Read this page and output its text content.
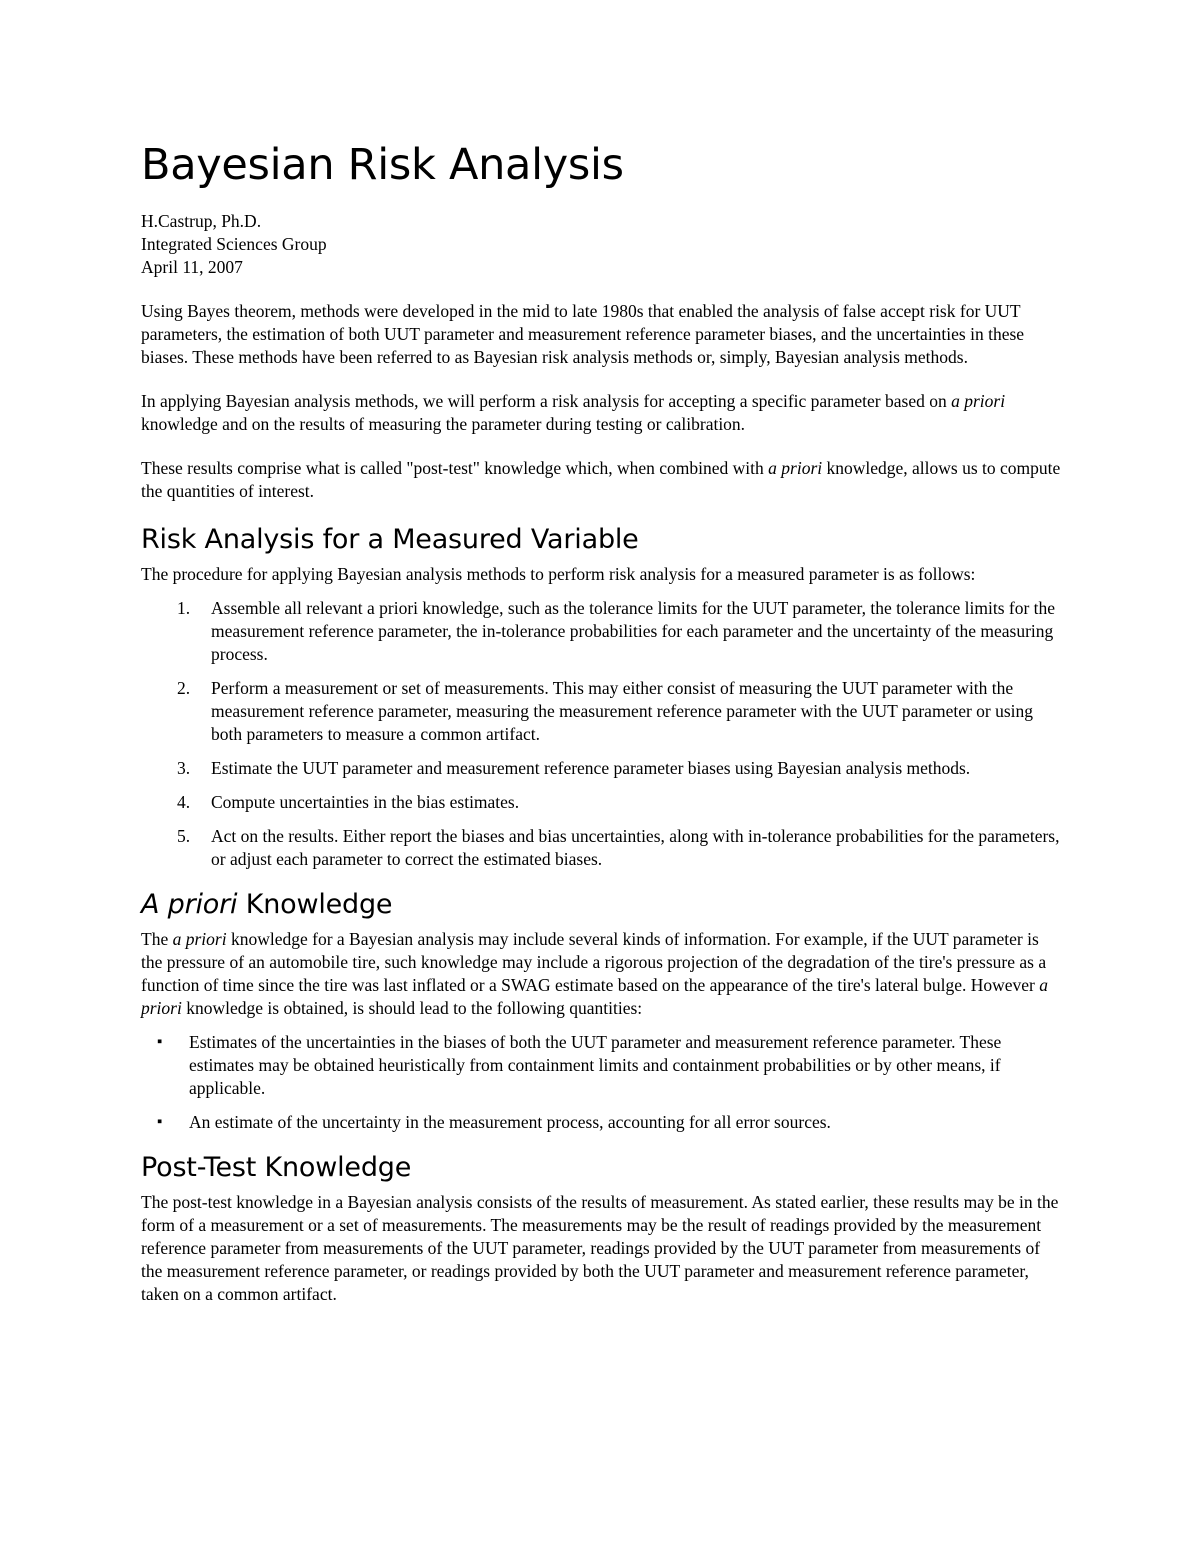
Bayesian Risk Analysis
H.Castrup, Ph.D.
Integrated Sciences Group
April 11, 2007

Using Bayes theorem, methods were developed in the mid to late 1980s that enabled the analysis of false accept risk for UUT parameters, the estimation of both UUT parameter and measurement reference parameter biases, and the uncertainties in these biases. These methods have been referred to as Bayesian risk analysis methods or, simply, Bayesian analysis methods.

In applying Bayesian analysis methods, we will perform a risk analysis for accepting a specific parameter based on a priori knowledge and on the results of measuring the parameter during testing or calibration.

These results comprise what is called "post-test" knowledge which, when combined with a priori knowledge, allows us to compute the quantities of interest.

Risk Analysis for a Measured Variable

The procedure for applying Bayesian analysis methods to perform risk analysis for a measured parameter is as follows:

1. Assemble all relevant a priori knowledge, such as the tolerance limits for the UUT parameter, the tolerance limits for the measurement reference parameter, the in-tolerance probabilities for each parameter and the uncertainty of the measuring process.
2. Perform a measurement or set of measurements. This may either consist of measuring the UUT parameter with the measurement reference parameter, measuring the measurement reference parameter with the UUT parameter or using both parameters to measure a common artifact.
3. Estimate the UUT parameter and measurement reference parameter biases using Bayesian analysis methods.
4. Compute uncertainties in the bias estimates.
5. Act on the results. Either report the biases and bias uncertainties, along with in-tolerance probabilities for the parameters, or adjust each parameter to correct the estimated biases.
A priori Knowledge

The a priori knowledge for a Bayesian analysis may include several kinds of information. For example, if the UUT parameter is the pressure of an automobile tire, such knowledge may include a rigorous projection of the degradation of the tire's pressure as a function of time since the tire was last inflated or a SWAG estimate based on the appearance of the tire's lateral bulge. However a priori knowledge is obtained, is should lead to the following quantities:

▪ Estimates of the uncertainties in the biases of both the UUT parameter and measurement reference parameter. These estimates may be obtained heuristically from containment limits and containment probabilities or by other means, if applicable.
▪ An estimate of the uncertainty in the measurement process, accounting for all error sources.
Post-Test Knowledge

The post-test knowledge in a Bayesian analysis consists of the results of measurement. As stated earlier, these results may be in the form of a measurement or a set of measurements. The measurements may be the result of readings provided by the measurement reference parameter from measurements of the UUT parameter, readings provided by the UUT parameter from measurements of the measurement reference parameter, or readings provided by both the UUT parameter and measurement reference parameter, taken on a common artifact.
